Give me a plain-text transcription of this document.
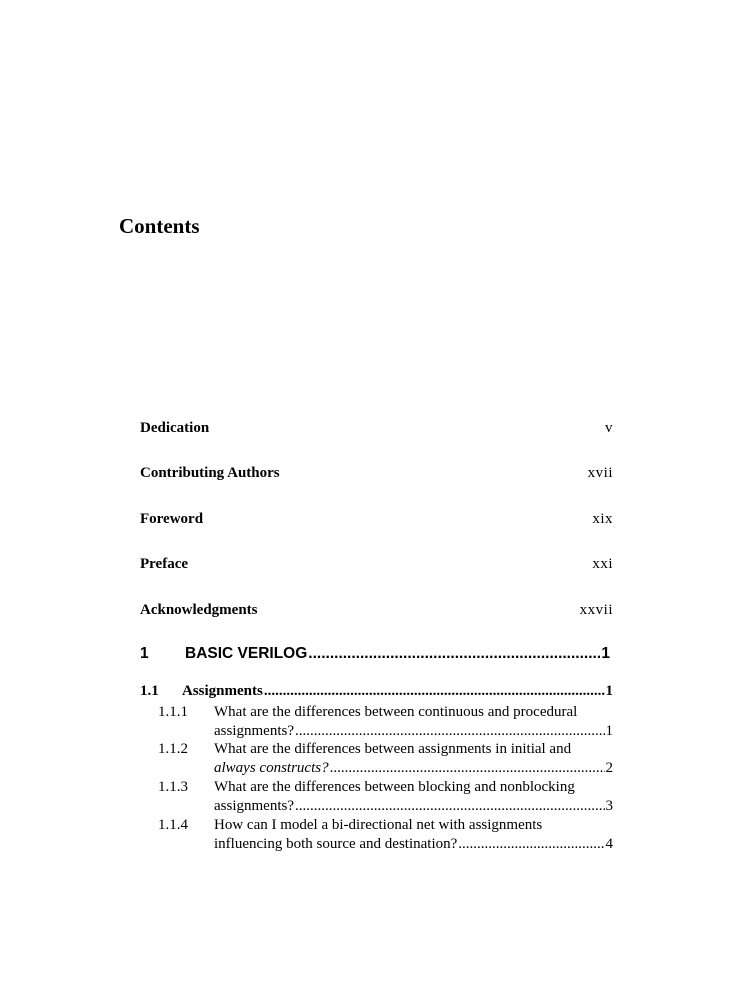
Contents
Dedication	v
Contributing Authors	xvii
Foreword	xix
Preface	xxi
Acknowledgments	xxvii
1	BASIC VERILOG .....	1
1.1	Assignments .....	1
1.1.1 What are the differences between continuous and procedural
assignments? .....	1
1.1.2 What are the differences between assignments in initial and
always constructs? .....	2
1.1.3 What are the differences between blocking and nonblocking
assignments? .....	3
1.1.4 How can I model a bi-directional net with assignments
influencing both source and destination? .....	4
